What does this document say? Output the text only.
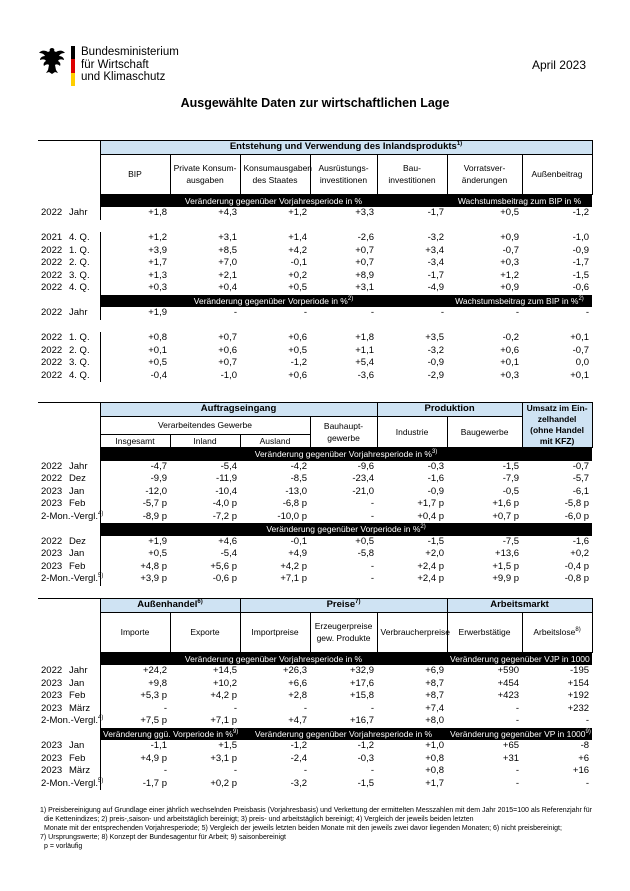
Bundesministerium
für Wirtschaft
und Klimaschutz
April 2023
Ausgewählte Daten zur wirtschaftlichen Lage
		Entstehung und Verwendung des Inlandsprodukts$^{1)}$
		BIP	Private Konsum-ausgaben	Konsumausgaben des Staates	Ausrüstungs-investitionen	Bau-investitionen	Vorratsver-änderungen	Außenbeitrag
		Veränderung gegenüber Vorjahresperiode in %					Wachstumsbeitrag zum BIP in %	
2022	Jahr	+1,8	+4,3	+1,2	+3,3	-1,7	+0,5	-1,2

2021	4. Q.	+1,2	+3,1	+1,4	-2,6	-3,2	+0,9	-1,0
2022	1. Q.	+3,9	+8,5	+4,2	+0,7	+3,4	-0,7	-0,9
2022	2. Q.	+1,7	+7,0	-0,1	+0,7	-3,4	+0,3	-1,7
2022	3. Q.	+1,3	+2,1	+0,2	+8,9	-1,7	+1,2	-1,5
2022	4. Q.	+0,3	+0,4	+0,5	+3,1	-4,9	+0,9	-0,6
		Veränderung gegenüber Vorperiode in %$^{2)}$					Wachstumsbeitrag zum BIP in %$^{2)}$
2022	Jahr	+1,9	-	-	-	-	-	-

2022	1. Q.	+0,8	+0,7	+0,6	+1,8	+3,5	-0,2	+0,1
2022	2. Q.	+0,1	+0,6	+0,5	+1,1	-3,2	+0,6	-0,7
2022	3. Q.	+0,5	+0,7	-1,2	+5,4	-0,9	+0,1	0,0
2022	4. Q.	-0,4	-1,0	+0,6	-3,6	-2,9	+0,3	+0,1
		Auftragseingang				Produktion		Umsatz im Ein-zelhandel (ohne Handel mit KFZ)
		Verarbeitendes Gewerbe			Bauhaupt-gewerbe	Industrie	Baugewerbe	
		Insgesamt	Inland	Ausland				
		Veränderung gegenüber Vorjahresperiode in %$^{3)}$
2022	Jahr	-4,7	-5,4	-4,2	-9,6	-0,3	-1,5	-0,7
2022	Dez	-9,9	-11,9	-8,5	-23,4	-1,6	-7,9	-5,7
2023	Jan	-12,0	-10,4	-13,0	-21,0	-0,9	-0,5	-6,1
2023	Feb	-5,7 p	-4,0 p	-6,8 p	-	+1,7 p	+1,6 p	-5,8 p
2-Mon.-Vergl.$^{4)}$		-8,9 p	-7,2 p	-10,0 p	-	+0,4 p	+0,7 p	-6,0 p
		Veränderung gegenüber Vorperiode in %$^{2)}$
2022	Dez	+1,9	+4,6	-0,1	+0,5	-1,5	-7,5	-1,6
2023	Jan	+0,5	-5,4	+4,9	-5,8	+2,0	+13,6	+0,2
2023	Feb	+4,8 p	+5,6 p	+4,2 p	-	+2,4 p	+1,5 p	-0,4 p
2-Mon.-Vergl.$^{5)}$		+3,9 p	-0,6 p	+7,1 p	-	+2,4 p	+9,9 p	-0,8 p
		Außenhandel$^{6)}$		Preise$^{7)}$			Arbeitsmarkt	
		Importe	Exporte	Importpreise	Erzeugerpreise gew. Produkte	Verbraucherpreise	Erwerbstätige	Arbeitslose$^{8)}$
		Veränderung gegenüber Vorjahresperiode in %					Veränderung gegenüber VJP in 1000	
2022	Jahr	+24,2	+14,5	+26,3	+32,9	+6,9	+590	-195
2023	Jan	+9,8	+10,2	+6,6	+17,6	+8,7	+454	+154
2023	Feb	+5,3 p	+4,2 p	+2,8	+15,8	+8,7	+423	+192
2023	März	-	-	-	-	+7,4	-	+232
2-Mon.-Vergl.$^{4)}$		+7,5 p	+7,1 p	+4,7	+16,7	+8,0	-	-
		Veränderung ggü. Vorperiode in %$^{9)}$		Veränderung gegenüber Vorjahresperiode in %			Veränderung gegenüber VP in 1000$^{9)}$
2023	Jan	-1,1	+1,5	-1,2	-1,2	+1,0	+65	-8
2023	Feb	+4,9 p	+3,1 p	-2,4	-0,3	+0,8	+31	+6
2023	März	-	-	-	-	+0,8	-	+16
2-Mon.-Vergl.$^{5)}$		-1,7 p	+0,2 p	-3,2	-1,5	+1,7	-	-
1) Preisbereinigung auf Grundlage einer jährlich wechselnden Preisbasis (Vorjahresbasis) und Verkettung der ermittelten Messzahlen mit dem Jahr 2015=100 als Referenzjahr für
die Kettenindizes; 2) preis-,saison- und arbeitstäglich bereinigt; 3) preis- und arbeitstäglich bereinigt; 4) Vergleich der jeweils beiden letzten
Monate mit der entsprechenden Vorjahresperiode; 5) Vergleich der jeweils letzten beiden Monate mit den jeweils zwei davor liegenden Monaten; 6) nicht preisbereinigt;
7) Ursprungswerte; 8) Konzept der Bundesagentur für Arbeit; 9) saisonbereinigt
p = vorläufig
